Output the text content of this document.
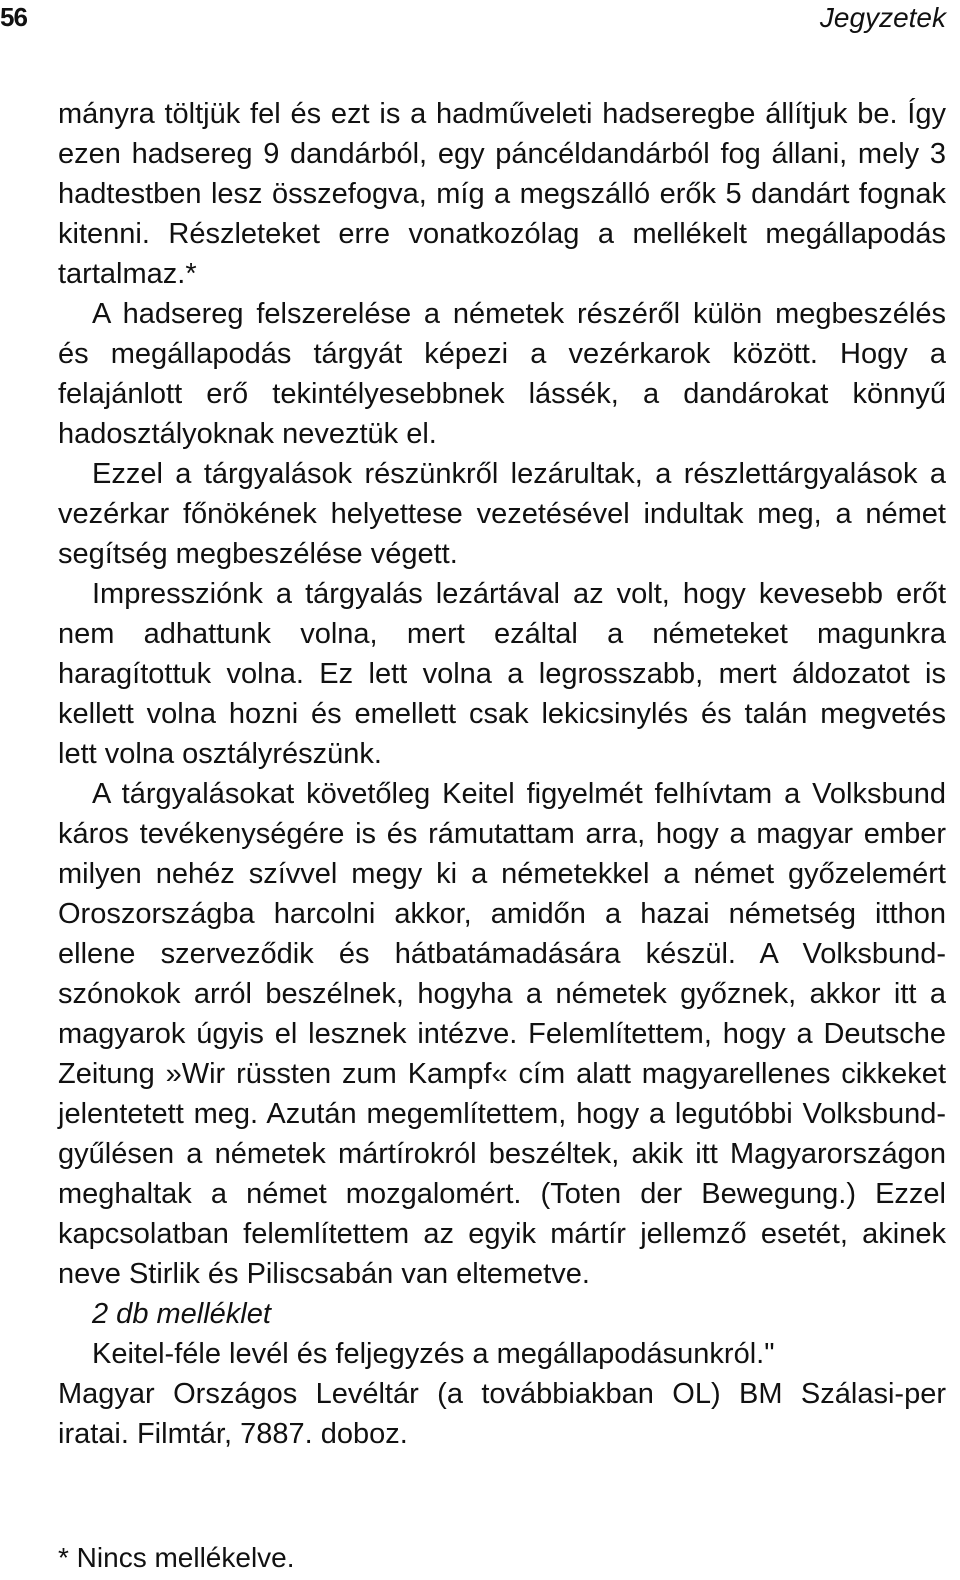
56	Jegyzetek

mányra töltjük fel és ezt is a hadműveleti hadseregbe állítjuk be. Így ezen hadsereg 9 dandárból, egy páncéldandárból fog állani, mely 3 hadtestben lesz összefogva, míg a megszálló erők 5 dandárt fognak kitenni. Részleteket erre vonatkozólag a mellékelt megállapodás tartalmaz.*

A hadsereg felszerelése a németek részéről külön megbeszélés és megállapodás tárgyát képezi a vezérkarok között. Hogy a felajánlott erő tekintélyesebbnek lássék, a dandárokat könnyű hadosztályoknak neveztük el.

Ezzel a tárgyalások részünkről lezárultak, a részlettárgyalások a vezérkar főnökének helyettese vezetésével indultak meg, a német segítség megbeszélése végett.

Impressziónk a tárgyalás lezártával az volt, hogy kevesebb erőt nem adhattunk volna, mert ezáltal a németeket magunkra haragítottuk volna. Ez lett volna a legrosszabb, mert áldozatot is kellett volna hozni és emellett csak lekicsinylés és talán megvetés lett volna osztályrészünk.

A tárgyalásokat követőleg Keitel figyelmét felhívtam a Volksbund káros tevékenységére is és rámutattam arra, hogy a magyar ember milyen nehéz szívvel megy ki a németekkel a német győzelemért Oroszországba harcolni akkor, amidőn a hazai németség itthon ellene szerveződik és hátbatámadására készül. A Volksbund-szónokok arról beszélnek, hogyha a németek győznek, akkor itt a magyarok úgyis el lesznek intézve. Felemlítettem, hogy a Deutsche Zeitung »Wir rüssten zum Kampf« cím alatt magyarellenes cikkeket jelentetett meg. Azután megemlítettem, hogy a legutóbbi Volksbund-gyűlésen a németek mártírokról beszéltek, akik itt Magyarországon meghaltak a német mozgalomért. (Toten der Bewegung.) Ezzel kapcsolatban felemlítettem az egyik mártír jellemző esetét, akinek neve Stirlik és Piliscsabán van eltemetve.

2 db melléklet

Keitel-féle levél és feljegyzés a megállapodásunkról."

Magyar Országos Levéltár (a továbbiakban OL) BM Szálasi-per iratai. Filmtár, 7887. doboz.

* Nincs mellékelve.
